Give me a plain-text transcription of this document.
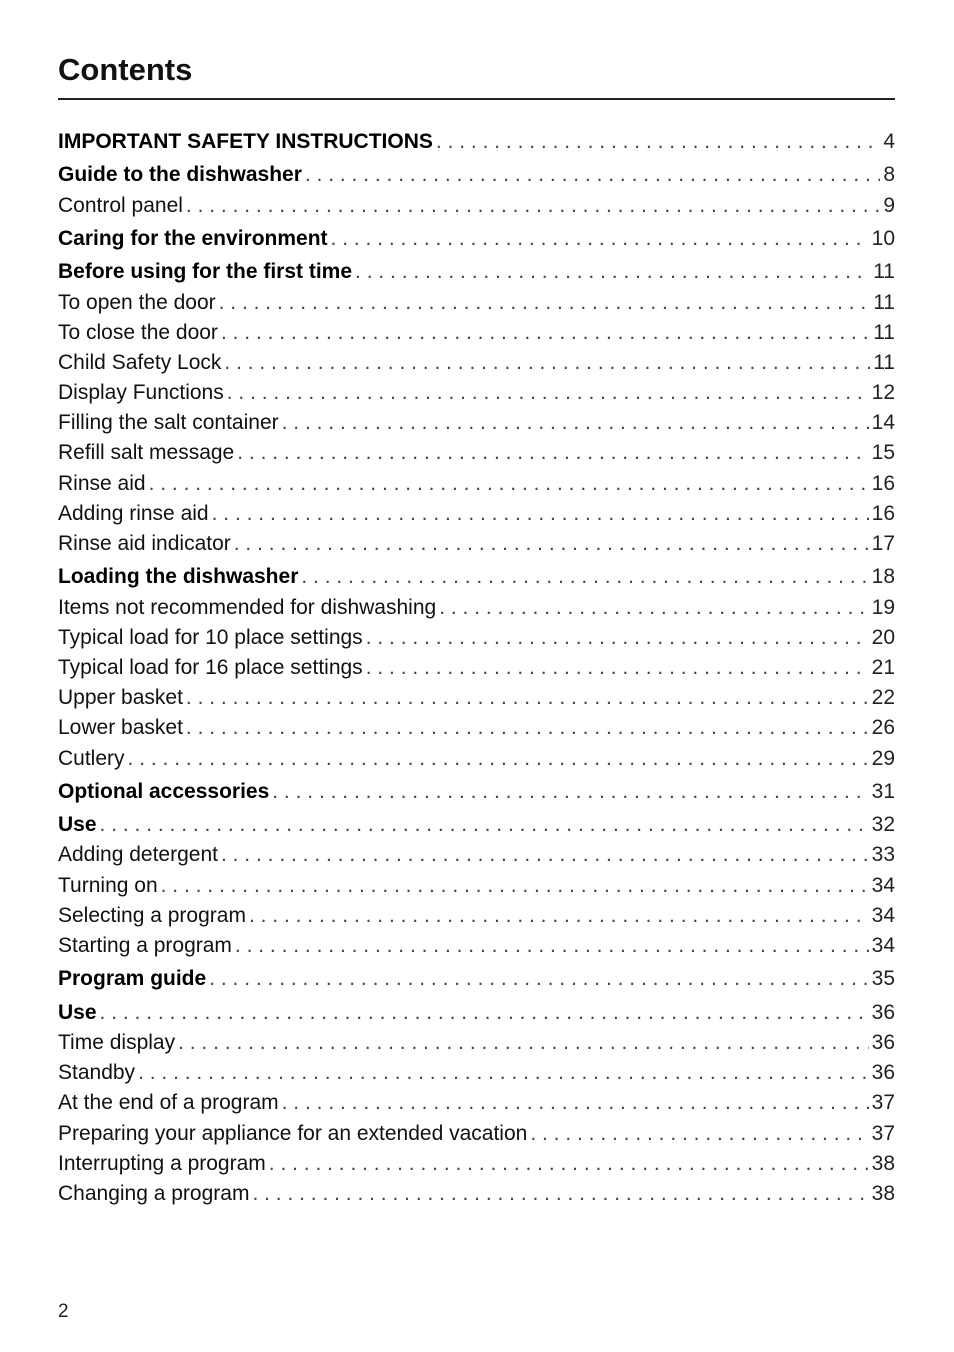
Contents
IMPORTANT SAFETY INSTRUCTIONS . . .	4
Guide to the dishwasher . . .	8
Control panel . . .	9
Caring for the environment . . .	10
Before using for the first time . . .	11
To open the door . . .	11
To close the door . . .	11
Child Safety Lock . . .	11
Display Functions . . .	12
Filling the salt container . . .	14
Refill salt message . . .	15
Rinse aid . . .	16
Adding rinse aid . . .	16
Rinse aid indicator . . .	17
Loading the dishwasher . . .	18
Items not recommended for dishwashing . . .	19
Typical load for 10 place settings . . .	20
Typical load for 16 place settings . . .	21
Upper basket . . .	22
Lower basket . . .	26
Cutlery . . .	29
Optional accessories . . .	31
Use . . .	32
Adding detergent . . .	33
Turning on . . .	34
Selecting a program . . .	34
Starting a program . . .	34
Program guide . . .	35
Use . . .	36
Time display . . .	36
Standby . . .	36
At the end of a program . . .	37
Preparing your appliance for an extended vacation . . .	37
Interrupting a program . . .	38
Changing a program . . .	38
2
